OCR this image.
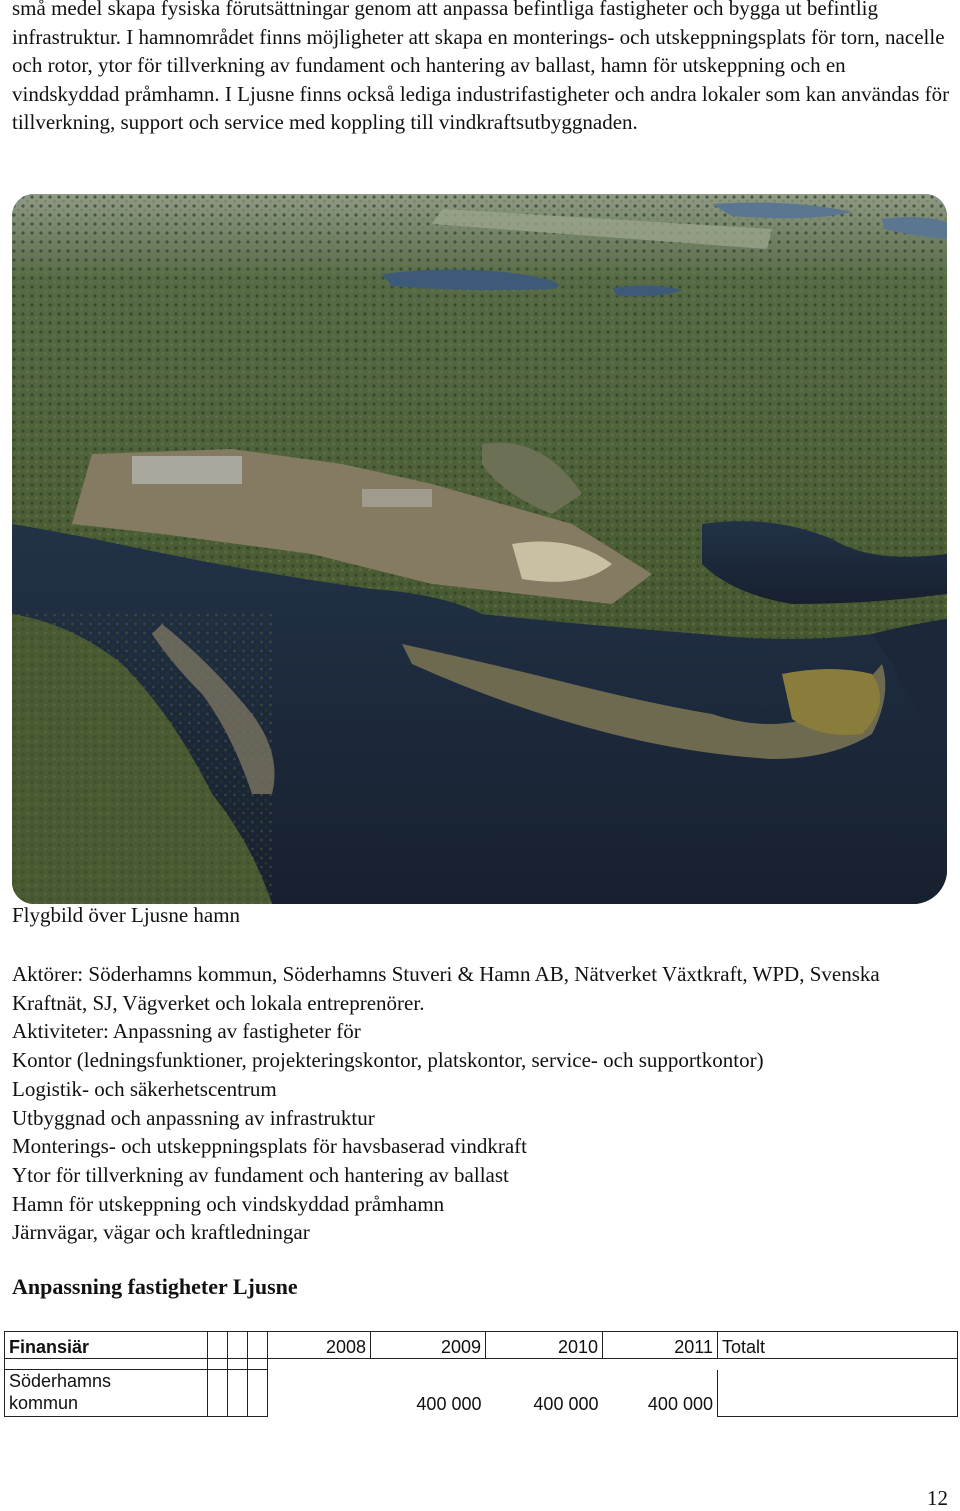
små medel skapa fysiska förutsättningar genom att anpassa befintliga fastigheter och bygga ut befintlig infrastruktur. I hamnområdet finns möjligheter att skapa en monterings- och utskeppningsplats för torn, nacelle och rotor, ytor för tillverkning av fundament och hantering av ballast, hamn för utskeppning och en vindskyddad pråmhamn. I Ljusne finns också lediga industrifastigheter och andra lokaler som kan användas för tillverkning, support och service med koppling till vindkraftsutbyggnaden.

Flygbild över Ljusne hamn

Aktörer: Söderhamns kommun, Söderhamns Stuveri & Hamn AB, Nätverket Växtkraft, WPD, Svenska Kraftnät, SJ, Vägverket och lokala entreprenörer.
Aktiviteter: Anpassning av fastigheter för
Kontor (ledningsfunktioner, projekteringskontor, platskontor, service- och supportkontor)
Logistik- och säkerhetscentrum
Utbyggnad och anpassning av infrastruktur
Monterings- och utskeppningsplats för havsbaserad vindkraft
Ytor för tillverkning av fundament och hantering av ballast
Hamn för utskeppning och vindskyddad pråmhamn
Järnvägar, vägar och kraftledningar

Anpassning fastigheter Ljusne

Finansiär				2008	2009	2010	2011	Totalt

Söderhamns
kommun					400 000	400 000	400 000	
12
